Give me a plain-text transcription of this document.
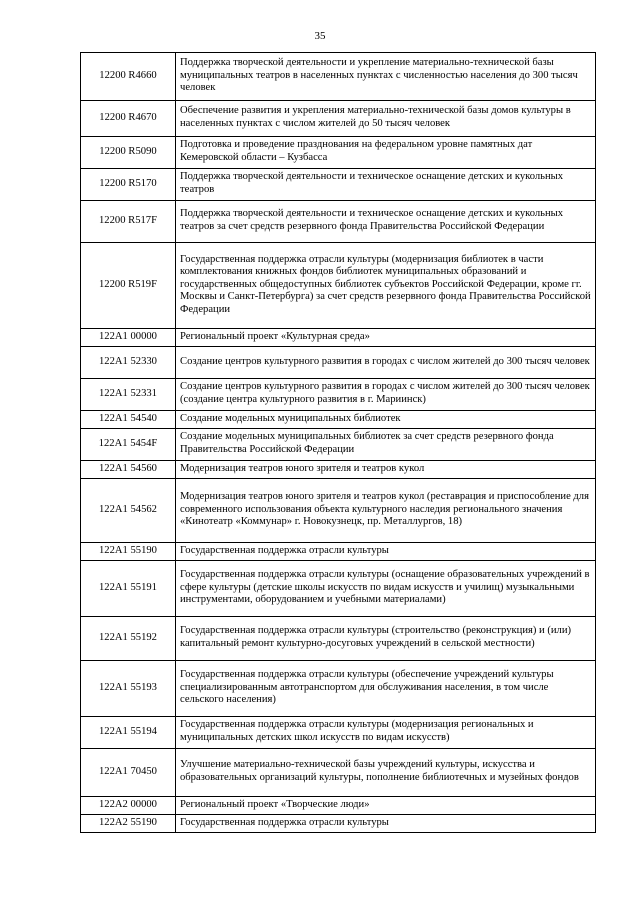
35
12200 R4660	Поддержка творческой деятельности и укрепление материально-технической базы муниципальных театров в населенных пунктах с численностью населения до 300 тысяч человек
12200 R4670	Обеспечение развития и укрепления материально-технической базы домов культуры в населенных пунктах с числом жителей до 50 тысяч человек
12200 R5090	Подготовка и проведение празднования на федеральном уровне памятных дат Кемеровской области – Кузбасса
12200 R5170	Поддержка творческой деятельности и техническое оснащение детских и кукольных театров
12200 R517F	Поддержка творческой деятельности и техническое оснащение детских и кукольных театров за счет средств резервного фонда Правительства Российской Федерации
12200 R519F	Государственная поддержка отрасли культуры (модернизация библиотек в части комплектования книжных фондов библиотек муниципальных образований и государственных общедоступных библиотек субъектов Российской Федерации, кроме гг. Москвы и Санкт-Петербурга) за счет средств резервного фонда Правительства Российской Федерации
122А1 00000	Региональный проект «Культурная среда»
122А1 52330	Создание центров культурного развития в городах с числом жителей до 300 тысяч человек
122А1 52331	Создание центров культурного развития в городах с числом жителей до 300 тысяч человек (создание центра культурного развития в г. Мариинск)
122А1 54540	Создание модельных муниципальных библиотек
122А1 5454F	Создание модельных муниципальных библиотек за счет средств резервного фонда Правительства Российской Федерации
122А1 54560	Модернизация театров юного зрителя и театров кукол
122А1 54562	Модернизация театров юного зрителя и театров кукол (реставрация и приспособление для современного использования объекта культурного наследия регионального значения «Кинотеатр «Коммунар» г. Новокузнецк, пр. Металлургов, 18)
122А1 55190	Государственная поддержка отрасли культуры
122А1 55191	Государственная поддержка отрасли культуры (оснащение образовательных учреждений в сфере культуры (детские школы искусств по видам искусств и училищ) музыкальными инструментами, оборудованием и учебными материалами)
122А1 55192	Государственная поддержка отрасли культуры (строительство (реконструкция) и (или) капитальный ремонт культурно-досуговых учреждений в сельской местности)
122А1 55193	Государственная поддержка отрасли культуры (обеспечение учреждений культуры специализированным автотранспортом для обслуживания населения, в том числе сельского населения)
122А1 55194	Государственная поддержка отрасли культуры (модернизация региональных и муниципальных детских школ искусств по видам искусств)
122А1 70450	Улучшение материально-технической базы учреждений культуры, искусства и образовательных организаций культуры, пополнение библиотечных и музейных фондов
122А2 00000	Региональный проект «Творческие люди»
122А2 55190	Государственная поддержка отрасли культуры
